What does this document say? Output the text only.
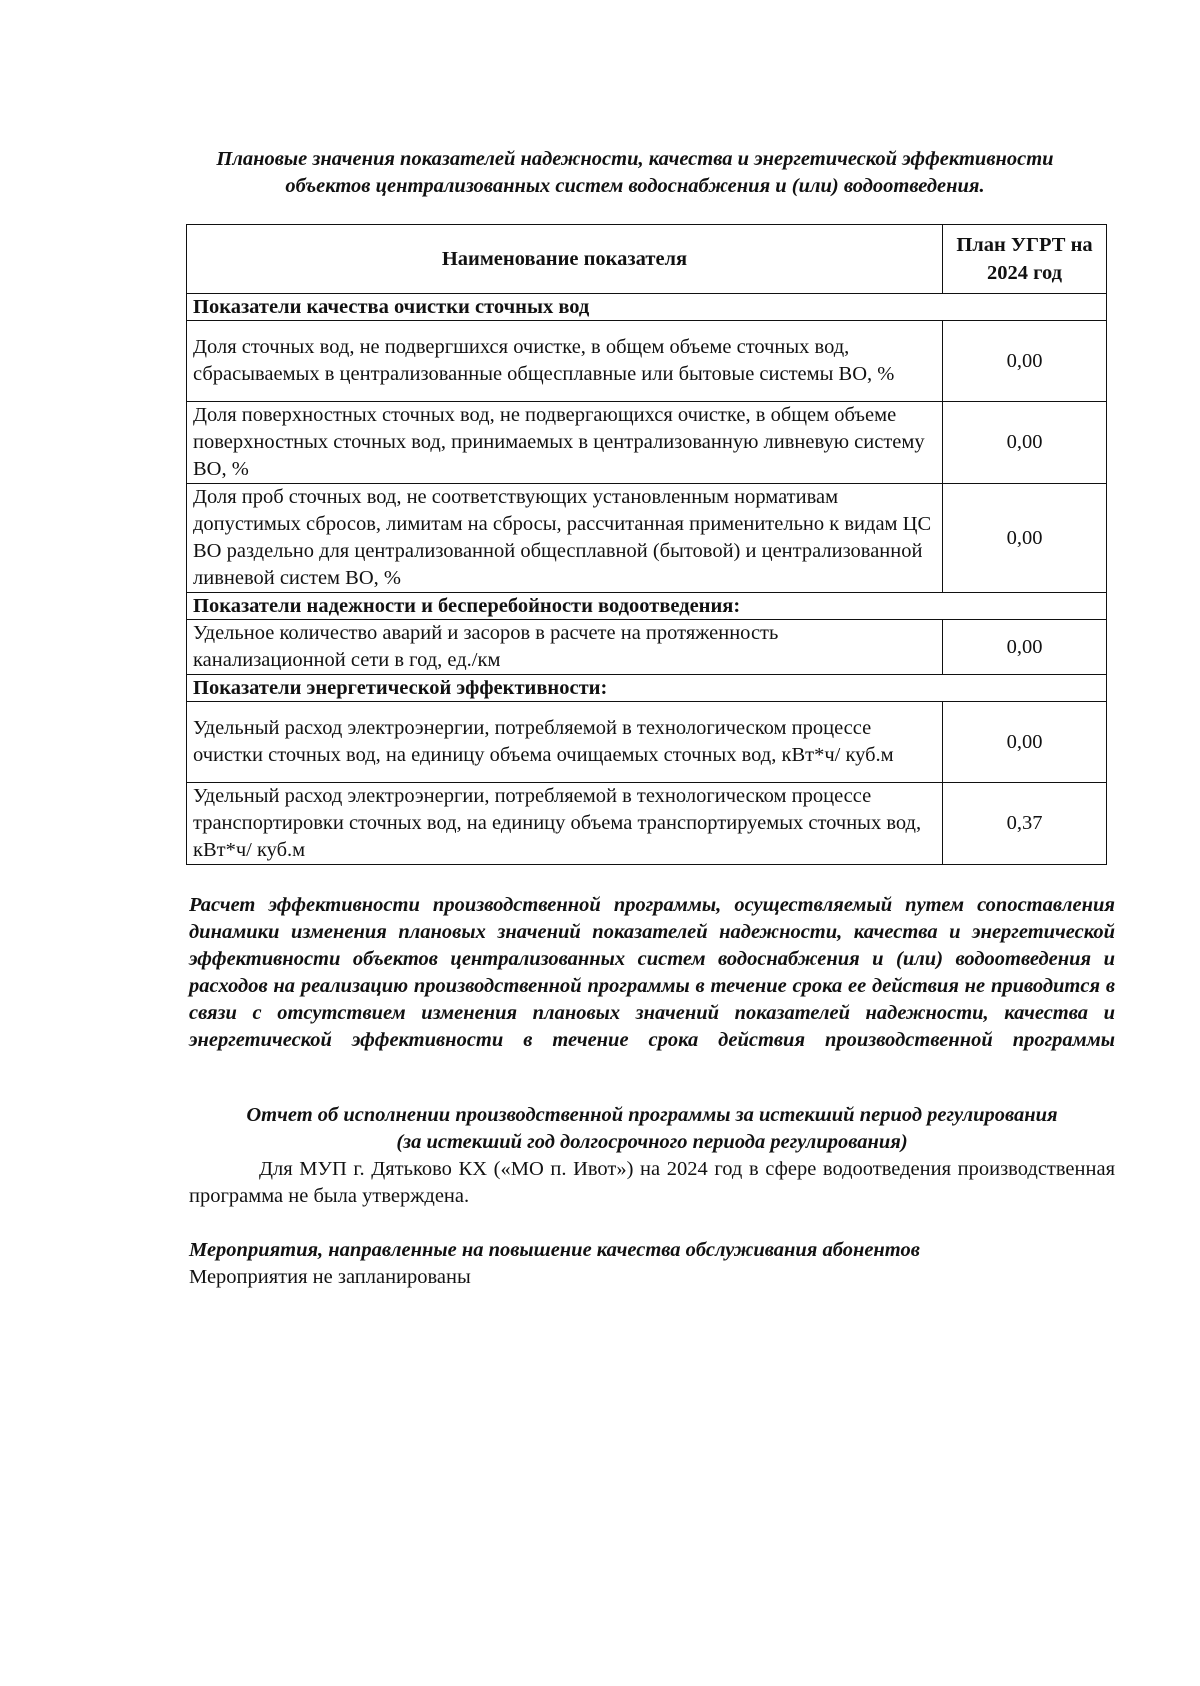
Плановые значения показателей надежности, качества и энергетической эффективности объектов централизованных систем водоснабжения и (или) водоотведения.
Наименование показателя	План УГРТ на 2024 год
Показатели качества очистки сточных вод	
Доля сточных вод, не подвергшихся очистке, в общем объеме сточных вод, сбрасываемых в централизованные общесплавные или бытовые системы ВО, %	0,00
Доля поверхностных сточных вод, не подвергающихся очистке, в общем объеме поверхностных сточных вод, принимаемых в централизованную ливневую систему ВО, %	0,00
Доля проб сточных вод, не соответствующих установленным нормативам допустимых сбросов, лимитам на сбросы, рассчитанная применительно к видам ЦС ВО раздельно для централизованной общесплавной (бытовой) и централизованной ливневой систем ВО, %	0,00
Показатели надежности и бесперебойности водоотведения:	
Удельное количество аварий и засоров в расчете на протяженность канализационной сети в год, ед./км	0,00
Показатели энергетической эффективности:	
Удельный расход электроэнергии, потребляемой в технологическом процессе очистки сточных вод, на единицу объема очищаемых сточных вод, кВт*ч/ куб.м	0,00
Удельный расход электроэнергии, потребляемой в технологическом процессе транспортировки сточных вод, на единицу объема транспортируемых сточных вод, кВт*ч/ куб.м	0,37
Расчет эффективности производственной программы, осуществляемый путем сопоставления динамики изменения плановых значений показателей надежности, качества и энергетической эффективности объектов централизованных систем водоснабжения и (или) водоотведения и расходов на реализацию производственной программы в течение срока ее действия не приводится в связи с отсутствием изменения плановых значений показателей надежности, качества и энергетической эффективности в течение срока действия производственной программы
Отчет об исполнении производственной программы за истекший период регулирования
(за истекший год долгосрочного периода регулирования)
Для МУП г. Дятьково КХ («МО п. Ивот») на 2024 год в сфере водоотведения производственная программа не была утверждена.
Мероприятия, направленные на повышение качества обслуживания абонентов
Мероприятия не запланированы
